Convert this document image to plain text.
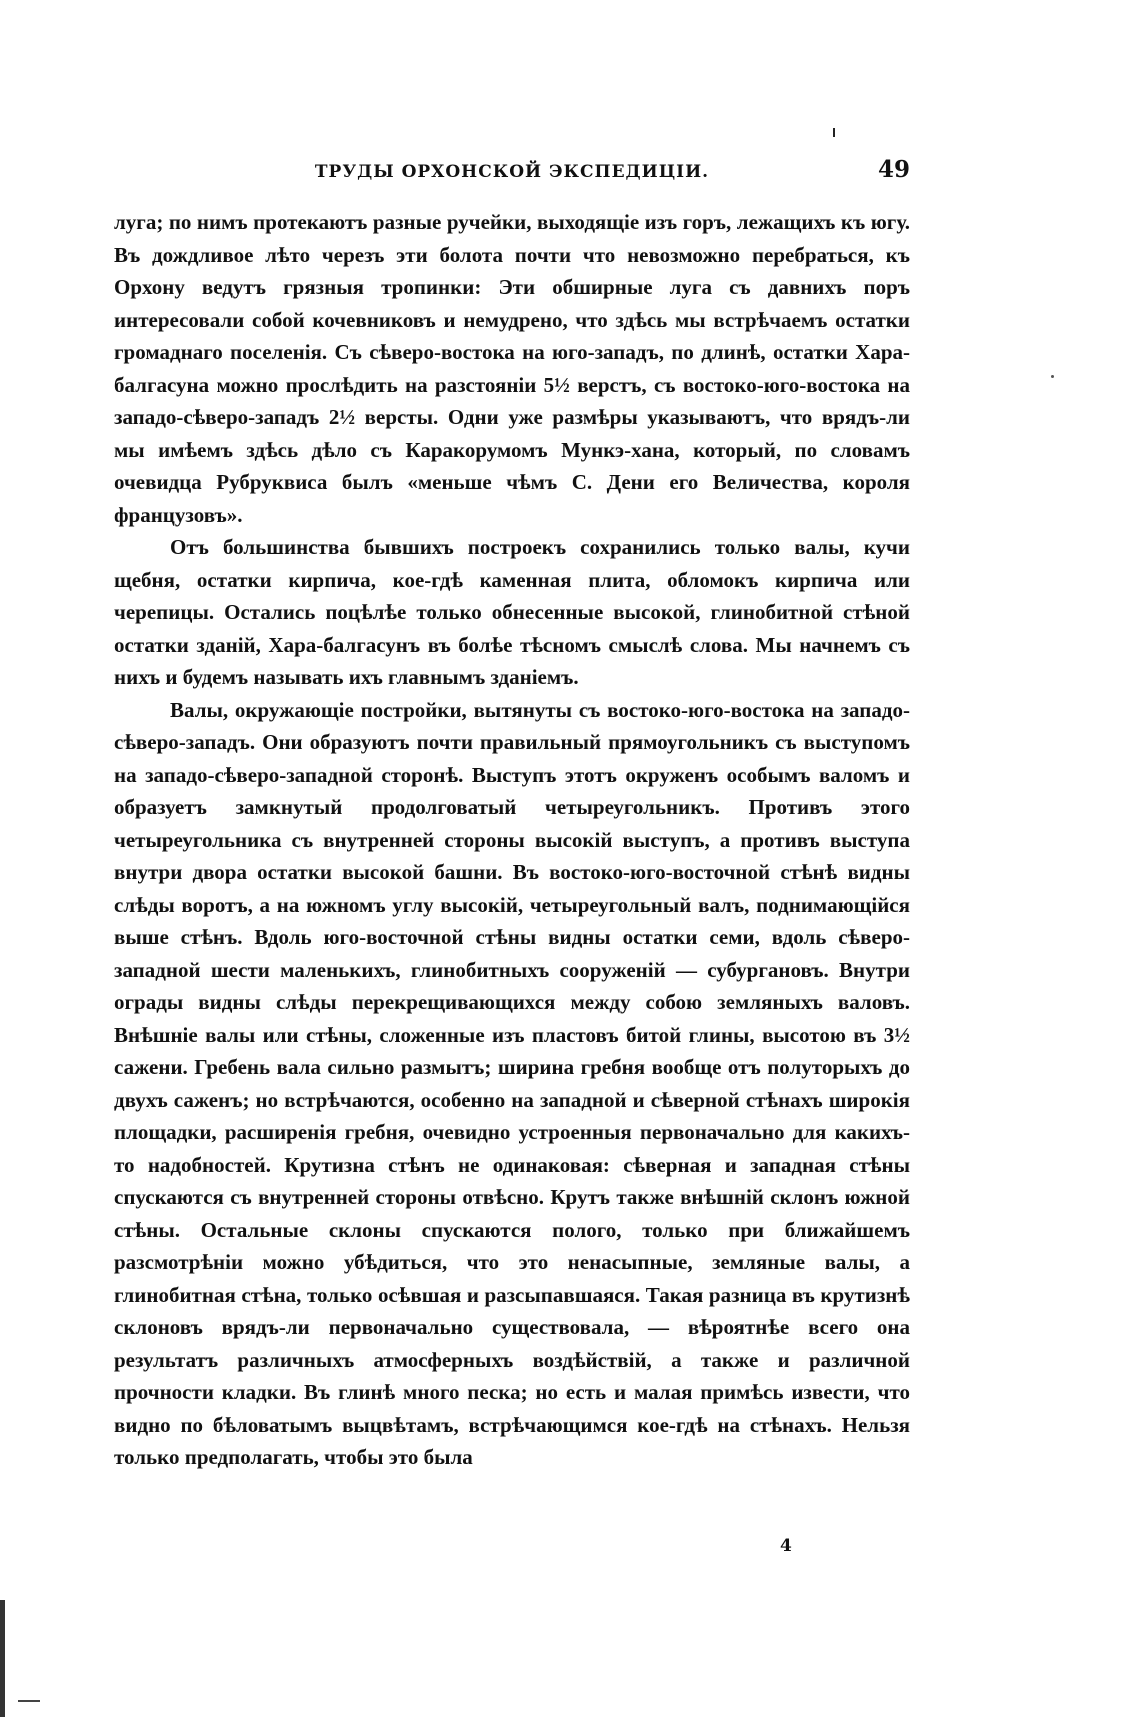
ТРУДЫ ОРХОНСКОЙ ЭКСПЕДИЦІИ.	49

луга; по нимъ протекаютъ разные ручейки, выходящіе изъ горъ, лежащихъ къ югу. Въ дождливое лѣто черезъ эти болота почти что невозможно перебраться, къ Орхону ведутъ грязныя тропинки: Эти обширные луга съ давнихъ поръ интересовали собой кочевниковъ и немудрено, что здѣсь мы встрѣчаемъ остатки громаднаго поселенія. Съ сѣверо-востока на юго-западъ, по длинѣ, остатки Хара-балгасуна можно прослѣдить на разстояніи 5½ верстъ, съ востоко-юго-востока на западо-сѣверо-западъ 2½ версты. Одни уже размѣры указываютъ, что врядъ-ли мы имѣемъ здѣсь дѣло съ Каракорумомъ Мункэ-хана, который, по словамъ очевидца Рубруквиса былъ «меньше чѣмъ С. Дени его Величества, короля французовъ».

Отъ большинства бывшихъ построекъ сохранились только валы, кучи щебня, остатки кирпича, кое-гдѣ каменная плита, обломокъ кирпича или черепицы. Остались поцѣлѣе только обнесенные высокой, глинобитной стѣной остатки зданій, Хара-балгасунъ въ болѣе тѣсномъ смыслѣ слова. Мы начнемъ съ нихъ и будемъ называть ихъ главнымъ зданіемъ.

Валы, окружающіе постройки, вытянуты съ востоко-юго-востока на западо-сѣверо-западъ. Они образуютъ почти правильный прямоугольникъ съ выступомъ на западо-сѣверо-западной сторонѣ. Выступъ этотъ окруженъ особымъ валомъ и образуетъ замкнутый продолговатый четыреугольникъ. Противъ этого четыреугольника съ внутренней стороны высокій выступъ, а противъ выступа внутри двора остатки высокой башни. Въ востоко-юго-восточной стѣнѣ видны слѣды воротъ, а на южномъ углу высокій, четыреугольный валъ, поднимающійся выше стѣнъ. Вдоль юго-восточной стѣны видны остатки семи, вдоль сѣверо-западной шести маленькихъ, глинобитныхъ сооруженій — субургановъ. Внутри ограды видны слѣды перекрещивающихся между собою земляныхъ валовъ. Внѣшніе валы или стѣны, сложенные изъ пластовъ битой глины, высотою въ 3½ сажени. Гребень вала сильно размытъ; ширина гребня вообще отъ полуторыхъ до двухъ саженъ; но встрѣчаются, особенно на западной и сѣверной стѣнахъ широкія площадки, расширенія гребня, очевидно устроенныя первоначально для какихъ-то надобностей. Крутизна стѣнъ не одинаковая: сѣверная и западная стѣны спускаются съ внутренней стороны отвѣсно. Крутъ также внѣшній склонъ южной стѣны. Остальные склоны спускаются полого, только при ближайшемъ разсмотрѣніи можно убѣдиться, что это ненасыпные, земляные валы, а глинобитная стѣна, только осѣвшая и разсыпавшаяся. Такая разница въ крутизнѣ склоновъ врядъ-ли первоначально существовала, — вѣроятнѣе всего она результатъ различныхъ атмосферныхъ воздѣйствій, а также и различной прочности кладки. Въ глинѣ много песка; но есть и малая примѣсь извести, что видно по бѣловатымъ выцвѣтамъ, встрѣчающимся кое-гдѣ на стѣнахъ. Нельзя только предполагать, чтобы это была

4
